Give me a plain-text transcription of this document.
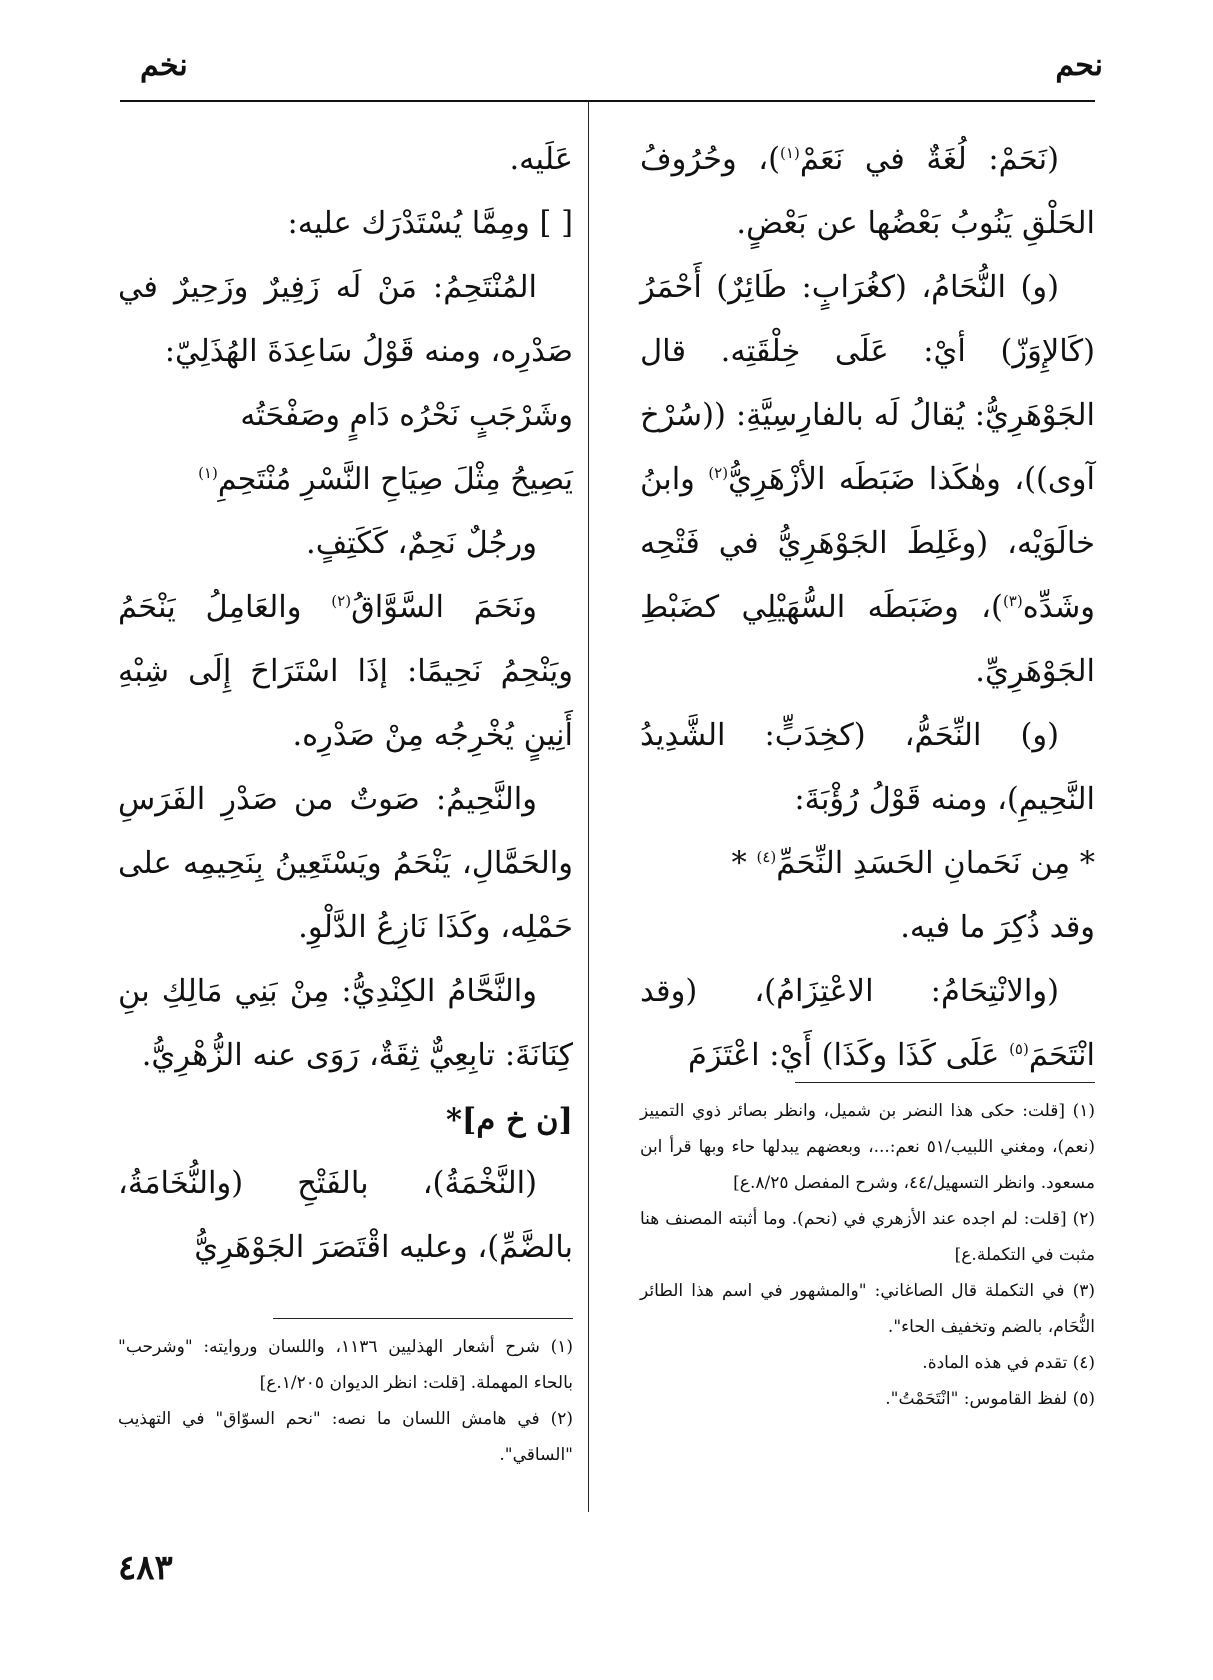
نحم
نخم

(نَحَمْ: لُغَةٌ في نَعَمْ$^{(١)}$)، وحُرُوفُ الحَلْقِ يَنُوبُ بَعْضُها عن بَعْضٍ.

(و) النُّحَامُ، (كغُرَابٍ: طَائِرٌ) أَحْمَرُ (كَالإِوَزّ) أيْ: عَلَى خِلْقَتِه. قال الجَوْهَرِيُّ: يُقالُ لَه بالفارِسِيَّةِ: ((سُرْخ آوى))، وهٰكَذا ضَبَطَه الأزْهَرِيُّ$^{(٢)}$ وابنُ خالَوَيْه، (وغَلِطَ الجَوْهَرِيُّ في فَتْحِه وشَدِّه$^{(٣)}$)، وضَبَطَه السُّهَيْلِي كضَبْطِ الجَوْهَرِيِّ.

(و) النِّحَمُّ، (كخِدَبٍّ: الشَّدِيدُ النَّحِيمِ)، ومنه قَوْلُ رُؤْبَةَ:

* مِن نَحَمانِ الحَسَدِ النِّحَمِّ$^{(٤)}$ *

وقد ذُكِرَ ما فيه.

(والانْتِحَامُ: الاعْتِزَامُ)، (وقد انْتَحَمَ$^{(٥)}$ عَلَى كَذَا وكَذَا) أَيْ: اعْتَزَمَ

عَلَيه.

[ ] ومِمَّا يُسْتَدْرَك عليه:

المُنْتَحِمُ: مَنْ لَه زَفِيرٌ وزَحِيرٌ في صَدْرِه، ومنه قَوْلُ سَاعِدَةَ الهُذَلِيّ:

وشَرْجَبٍ نَحْرُه دَامٍ وصَفْحَتُه

يَصِيحُ مِثْلَ صِيَاحِ النَّسْرِ مُنْتَحِمِ$^{(١)}$

ورجُلٌ نَحِمٌ، كَكَتِفٍ.

ونَحَمَ السَّوَّاقُ$^{(٢)}$ والعَامِلُ يَنْحَمُ ويَنْحِمُ نَحِيمًا: إذَا اسْتَرَاحَ إِلَى شِبْهِ أَنِينٍ يُخْرِجُه مِنْ صَدْرِه.

والنَّحِيمُ: صَوتٌ من صَدْرِ الفَرَسِ والحَمَّالِ، يَنْحَمُ ويَسْتَعِينُ بِنَحِيمِه على حَمْلِه، وكَذَا نَازِعُ الدَّلْوِ.

والنَّحَّامُ الكِنْدِيُّ: مِنْ بَنِي مَالِكِ بنِ كِنَانَةَ: تابِعِيٌّ ثِقَةٌ، رَوَى عنه الزُّهْرِيُّ.

[ن خ م]*

(النَّخْمَةُ)، بالفَتْحِ (والنُّخَامَةُ، بالضَّمِّ)، وعليه اقْتَصَرَ الجَوْهَرِيُّ

(١) [قلت: حكى هذا النضر بن شميل، وانظر بصائر ذوي التمييز (نعم)، ومغني اللبيب/٥١ نعم:...، وبعضهم يبدلها حاء وبها قرأ ابن مسعود. وانظر التسهيل/٤٤، وشرح المفصل ٨/٢٥.ع]

(٢) [قلت: لم اجده عند الأزهري في (نحم). وما أثبته المصنف هنا مثبت في التكملة.ع]

(٣) في التكملة قال الصاغاني: "والمشهور في اسم هذا الطائر النُّحَام، بالضم وتخفيف الحاء".

(٤) تقدم في هذه المادة.

(٥) لفظ القاموس: "انْتَحَمْتُ".

(١) شرح أشعار الهذليين ١١٣٦، واللسان وروايته: "وشرحب" بالحاء المهملة. [قلت: انظر الديوان ١/٢٠٥.ع]

(٢) في هامش اللسان ما نصه: "نحم السوّاق" في التهذيب "الساقي".

٤٨٣
